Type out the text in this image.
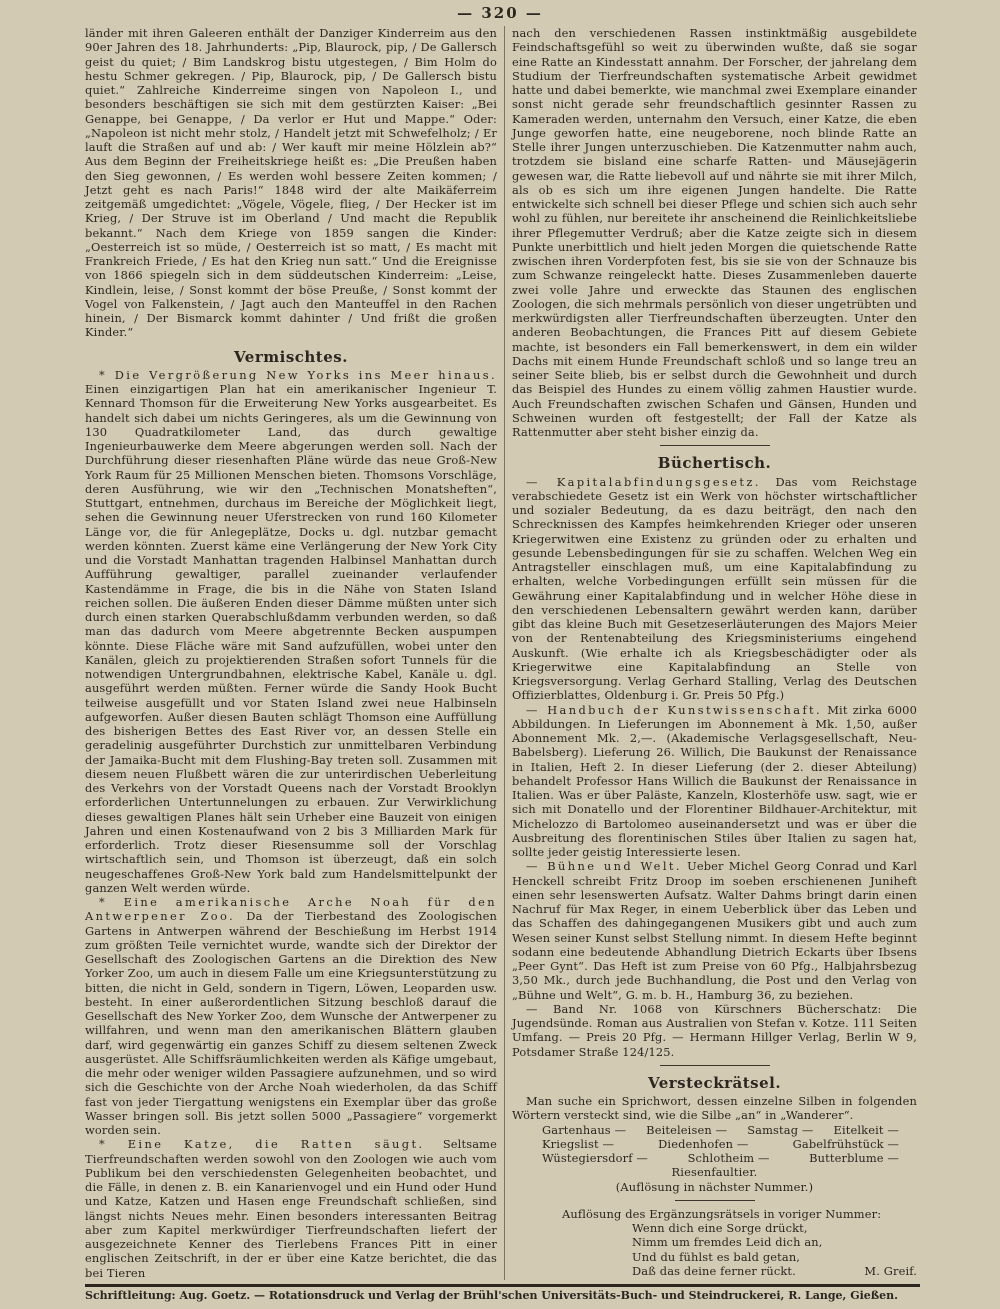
— 320 —

länder mit ihren Galeeren enthält der Danziger Kinderreim aus den 90er Jahren des 18. Jahrhunderts: „Pip, Blaurock, pip, / De Gallersch geist du quiet; / Bim Landskrog bistu utgestegen, / Bim Holm do hestu Schmer gekregen. / Pip, Blaurock, pip, / De Gallersch bistu quiet.“ Zahlreiche Kinderreime singen von Napoleon I., und besonders beschäftigen sie sich mit dem gestürzten Kaiser: „Bei Genappe, bei Genappe, / Da verlor er Hut und Mappe.“ Oder: „Napoleon ist nicht mehr stolz, / Handelt jetzt mit Schwefelholz; / Er lauft die Straßen auf und ab: / Wer kauft mir meine Hölzlein ab?“ Aus dem Beginn der Freiheitskriege heißt es: „Die Preußen haben den Sieg gewonnen, / Es werden wohl bessere Zeiten kommen; / Jetzt geht es nach Paris!“ 1848 wird der alte Maikäferreim zeitgemäß umgedichtet: „Vögele, Vögele, flieg, / Der Hecker ist im Krieg, / Der Struve ist im Oberland / Und macht die Republik bekannt.“ Nach dem Kriege von 1859 sangen die Kinder: „Oesterreich ist so müde, / Oesterreich ist so matt, / Es macht mit Frankreich Friede, / Es hat den Krieg nun satt.“ Und die Ereignisse von 1866 spiegeln sich in dem süddeutschen Kinderreim: „Leise, Kindlein, leise, / Sonst kommt der böse Preuße, / Sonst kommt der Vogel von Falkenstein, / Jagt auch den Manteuffel in den Rachen hinein, / Der Bismarck kommt dahinter / Und frißt die großen Kinder.“

Vermischtes.

* Die Vergrößerung New Yorks ins Meer hinaus. Einen einzigartigen Plan hat ein amerikanischer Ingenieur T. Kennard Thomson für die Erweiterung New Yorks ausgearbeitet. Es handelt sich dabei um nichts Geringeres, als um die Gewinnung von 130 Quadratkilometer Land, das durch gewaltige Ingenieurbauwerke dem Meere abgerungen werden soll. Nach der Durchführung dieser riesenhaften Pläne würde das neue Groß-New York Raum für 25 Millionen Menschen bieten. Thomsons Vorschläge, deren Ausführung, wie wir den „Technischen Monatsheften“, Stuttgart, entnehmen, durchaus im Bereiche der Möglichkeit liegt, sehen die Gewinnung neuer Uferstrecken von rund 160 Kilometer Länge vor, die für Anlegeplätze, Docks u. dgl. nutzbar gemacht werden könnten. Zuerst käme eine Verlängerung der New York City und die Vorstadt Manhattan tragenden Halbinsel Manhattan durch Aufführung gewaltiger, parallel zueinander verlaufender Kastendämme in Frage, die bis in die Nähe von Staten Island reichen sollen. Die äußeren Enden dieser Dämme müßten unter sich durch einen starken Querabschlußdamm verbunden werden, so daß man das dadurch vom Meere abgetrennte Becken auspumpen könnte. Diese Fläche wäre mit Sand aufzufüllen, wobei unter den Kanälen, gleich zu projektierenden Straßen sofort Tunnels für die notwendigen Untergrundbahnen, elektrische Kabel, Kanäle u. dgl. ausgeführt werden müßten. Ferner würde die Sandy Hook Bucht teilweise ausgefüllt und vor Staten Island zwei neue Halbinseln aufgeworfen. Außer diesen Bauten schlägt Thomson eine Auffüllung des bisherigen Bettes des East River vor, an dessen Stelle ein geradelinig ausgeführter Durchstich zur unmittelbaren Verbindung der Jamaika-Bucht mit dem Flushing-Bay treten soll. Zusammen mit diesem neuen Flußbett wären die zur unterirdischen Ueberleitung des Verkehrs von der Vorstadt Queens nach der Vorstadt Brooklyn erforderlichen Untertunnelungen zu erbauen. Zur Verwirklichung dieses gewaltigen Planes hält sein Urheber eine Bauzeit von einigen Jahren und einen Kostenaufwand von 2 bis 3 Milliarden Mark für erforderlich. Trotz dieser Riesensumme soll der Vorschlag wirtschaftlich sein, und Thomson ist überzeugt, daß ein solch neugeschaffenes Groß-New York bald zum Handelsmittelpunkt der ganzen Welt werden würde.

* Eine amerikanische Arche Noah für den Antwerpener Zoo. Da der Tierbestand des Zoologischen Gartens in Antwerpen während der Beschießung im Herbst 1914 zum größten Teile vernichtet wurde, wandte sich der Direktor der Gesellschaft des Zoologischen Gartens an die Direktion des New Yorker Zoo, um auch in diesem Falle um eine Kriegsunterstützung zu bitten, die nicht in Geld, sondern in Tigern, Löwen, Leoparden usw. besteht. In einer außerordentlichen Sitzung beschloß darauf die Gesellschaft des New Yorker Zoo, dem Wunsche der Antwerpener zu willfahren, und wenn man den amerikanischen Blättern glauben darf, wird gegenwärtig ein ganzes Schiff zu diesem seltenen Zweck ausgerüstet. Alle Schiffsräumlichkeiten werden als Käfige umgebaut, die mehr oder weniger wilden Passagiere aufzunehmen, und so wird sich die Geschichte von der Arche Noah wiederholen, da das Schiff fast von jeder Tiergattung wenigstens ein Exemplar über das große Wasser bringen soll. Bis jetzt sollen 5000 „Passagiere“ vorgemerkt worden sein.

* Eine Katze, die Ratten säugt. Seltsame Tierfreundschaften werden sowohl von den Zoologen wie auch vom Publikum bei den verschiedensten Gelegenheiten beobachtet, und die Fälle, in denen z. B. ein Kanarienvogel und ein Hund oder Hund und Katze, Katzen und Hasen enge Freundschaft schließen, sind längst nichts Neues mehr. Einen besonders interessanten Beitrag aber zum Kapitel merkwürdiger Tierfreundschaften liefert der ausgezeichnete Kenner des Tierlebens Frances Pitt in einer englischen Zeitschrift, in der er über eine Katze berichtet, die das bei Tieren

nach den verschiedenen Rassen instinktmäßig ausgebildete Feindschaftsgefühl so weit zu überwinden wußte, daß sie sogar eine Ratte an Kindesstatt annahm. Der Forscher, der jahrelang dem Studium der Tierfreundschaften systematische Arbeit gewidmet hatte und dabei bemerkte, wie manchmal zwei Exemplare einander sonst nicht gerade sehr freundschaftlich gesinnter Rassen zu Kameraden werden, unternahm den Versuch, einer Katze, die eben Junge geworfen hatte, eine neugeborene, noch blinde Ratte an Stelle ihrer Jungen unterzuschieben. Die Katzenmutter nahm auch, trotzdem sie bisland eine scharfe Ratten- und Mäusejägerin gewesen war, die Ratte liebevoll auf und nährte sie mit ihrer Milch, als ob es sich um ihre eigenen Jungen handelte. Die Ratte entwickelte sich schnell bei dieser Pflege und schien sich auch sehr wohl zu fühlen, nur bereitete ihr anscheinend die Reinlichkeitsliebe ihrer Pflegemutter Verdruß; aber die Katze zeigte sich in diesem Punkte unerbittlich und hielt jeden Morgen die quietschende Ratte zwischen ihren Vorderpfoten fest, bis sie sie von der Schnauze bis zum Schwanze reingeleckt hatte. Dieses Zusammenleben dauerte zwei volle Jahre und erweckte das Staunen des englischen Zoologen, die sich mehrmals persönlich von dieser ungetrübten und merkwürdigsten aller Tierfreundschaften überzeugten. Unter den anderen Beobachtungen, die Frances Pitt auf diesem Gebiete machte, ist besonders ein Fall bemerkenswert, in dem ein wilder Dachs mit einem Hunde Freundschaft schloß und so lange treu an seiner Seite blieb, bis er selbst durch die Gewohnheit und durch das Beispiel des Hundes zu einem völlig zahmen Haustier wurde. Auch Freundschaften zwischen Schafen und Gänsen, Hunden und Schweinen wurden oft festgestellt; der Fall der Katze als Rattenmutter aber steht bisher einzig da.

Büchertisch.

— Kapitalabfindungsgesetz. Das vom Reichstage verabschiedete Gesetz ist ein Werk von höchster wirtschaftlicher und sozialer Bedeutung, da es dazu beiträgt, den nach den Schrecknissen des Kampfes heimkehrenden Krieger oder unseren Kriegerwitwen eine Existenz zu gründen oder zu erhalten und gesunde Lebensbedingungen für sie zu schaffen. Welchen Weg ein Antragsteller einschlagen muß, um eine Kapitalabfindung zu erhalten, welche Vorbedingungen erfüllt sein müssen für die Gewährung einer Kapitalabfindung und in welcher Höhe diese in den verschiedenen Lebensaltern gewährt werden kann, darüber gibt das kleine Buch mit Gesetzeserläuterungen des Majors Meier von der Rentenabteilung des Kriegsministeriums eingehend Auskunft. (Wie erhalte ich als Kriegsbeschädigter oder als Kriegerwitwe eine Kapitalabfindung an Stelle von Kriegsversorgung. Verlag Gerhard Stalling, Verlag des Deutschen Offizierblattes, Oldenburg i. Gr. Preis 50 Pfg.)

— Handbuch der Kunstwissenschaft. Mit zirka 6000 Abbildungen. In Lieferungen im Abonnement à Mk. 1,50, außer Abonnement Mk. 2,—. (Akademische Verlagsgesellschaft, Neu-Babelsberg). Lieferung 26. Willich, Die Baukunst der Renaissance in Italien, Heft 2. In dieser Lieferung (der 2. dieser Abteilung) behandelt Professor Hans Willich die Baukunst der Renaissance in Italien. Was er über Paläste, Kanzeln, Klosterhöfe usw. sagt, wie er sich mit Donatello und der Florentiner Bildhauer-Architektur, mit Michelozzo di Bartolomeo auseinandersetzt und was er über die Ausbreitung des florentinischen Stiles über Italien zu sagen hat, sollte jeder geistig Interessierte lesen.

— Bühne und Welt. Ueber Michel Georg Conrad und Karl Henckell schreibt Fritz Droop im soeben erschienenen Juniheft einen sehr lesenswerten Aufsatz. Walter Dahms bringt darin einen Nachruf für Max Reger, in einem Ueberblick über das Leben und das Schaffen des dahingegangenen Musikers gibt und auch zum Wesen seiner Kunst selbst Stellung nimmt. In diesem Hefte beginnt sodann eine bedeutende Abhandlung Dietrich Eckarts über Ibsens „Peer Gynt“. Das Heft ist zum Preise von 60 Pfg., Halbjahrsbezug 3,50 Mk., durch jede Buchhandlung, die Post und den Verlag von „Bühne und Welt“, G. m. b. H., Hamburg 36, zu beziehen.

— Band Nr. 1068 von Kürschners Bücherschatz: Die Jugendsünde. Roman aus Australien von Stefan v. Kotze. 111 Seiten Umfang. — Preis 20 Pfg. — Hermann Hillger Verlag, Berlin W 9, Potsdamer Straße 124/125.

Versteckrätsel.

Man suche ein Sprichwort, dessen einzelne Silben in folgenden Wörtern versteckt sind, wie die Silbe „an“ in „Wanderer“.

Gartenhaus — Beiteleisen — Samstag — Eitelkeit —
Kriegslist —	Diedenhofen —	Gabelfrühstück —
Wüstegiersdorf —	Schlotheim —	Butterblume —

Riesenfaultier.

(Auflösung in nächster Nummer.)

Auflösung des Ergänzungsrätsels in voriger Nummer:

Wenn dich eine Sorge drückt,

Nimm um fremdes Leid dich an,

Und du fühlst es bald getan,

Daß das deine ferner rückt.	M. Greif.
Schriftleitung: Aug. Goetz. — Rotationsdruck und Verlag der Brühl'schen Universitäts-Buch- und Steindruckerei, R. Lange, Gießen.
